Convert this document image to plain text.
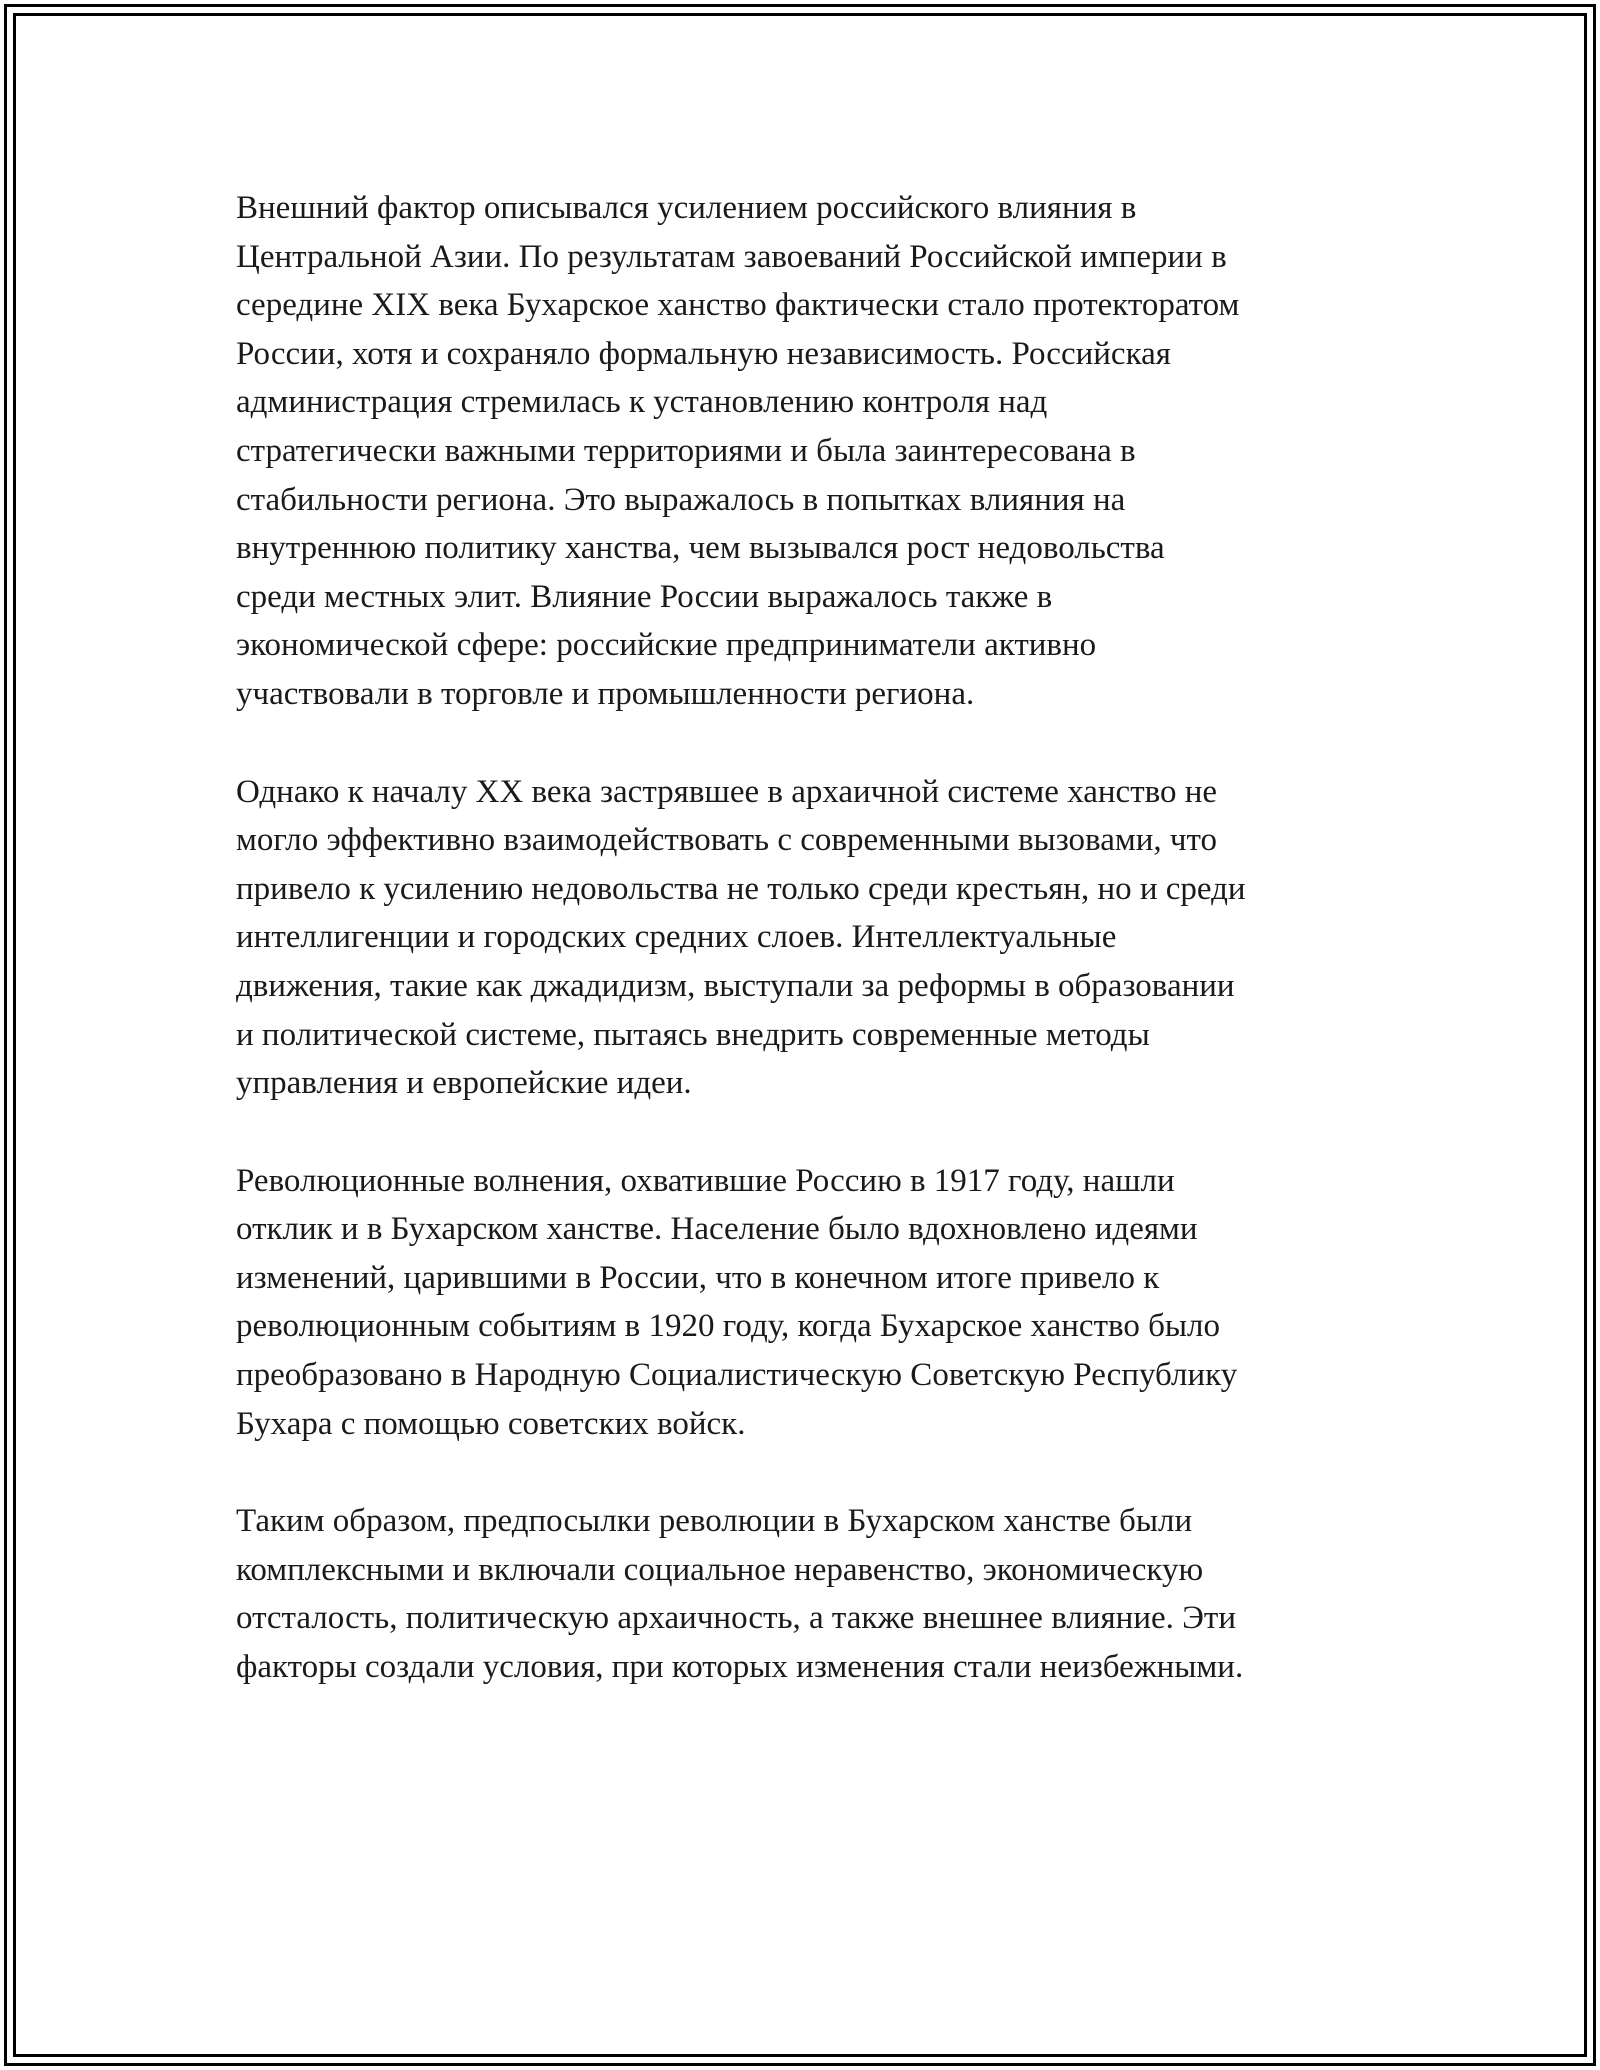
Внешний фактор описывался усилением российского влияния в
Центральной Азии. По результатам завоеваний Российской империи в
середине XIX века Бухарское ханство фактически стало протекторатом
России, хотя и сохраняло формальную независимость. Российская
администрация стремилась к установлению контроля над
стратегически важными территориями и была заинтересована в
стабильности региона. Это выражалось в попытках влияния на
внутреннюю политику ханства, чем вызывался рост недовольства
среди местных элит. Влияние России выражалось также в
экономической сфере: российские предприниматели активно
участвовали в торговле и промышленности региона.

Однако к началу XX века застрявшее в архаичной системе ханство не
могло эффективно взаимодействовать с современными вызовами, что
привело к усилению недовольства не только среди крестьян, но и среди
интеллигенции и городских средних слоев. Интеллектуальные
движения, такие как джадидизм, выступали за реформы в образовании
и политической системе, пытаясь внедрить современные методы
управления и европейские идеи.

Революционные волнения, охватившие Россию в 1917 году, нашли
отклик и в Бухарском ханстве. Население было вдохновлено идеями
изменений, царившими в России, что в конечном итоге привело к
революционным событиям в 1920 году, когда Бухарское ханство было
преобразовано в Народную Социалистическую Советскую Республику
Бухара с помощью советских войск.

Таким образом, предпосылки революции в Бухарском ханстве были
комплексными и включали социальное неравенство, экономическую
отсталость, политическую архаичность, а также внешнее влияние. Эти
факторы создали условия, при которых изменения стали неизбежными.
